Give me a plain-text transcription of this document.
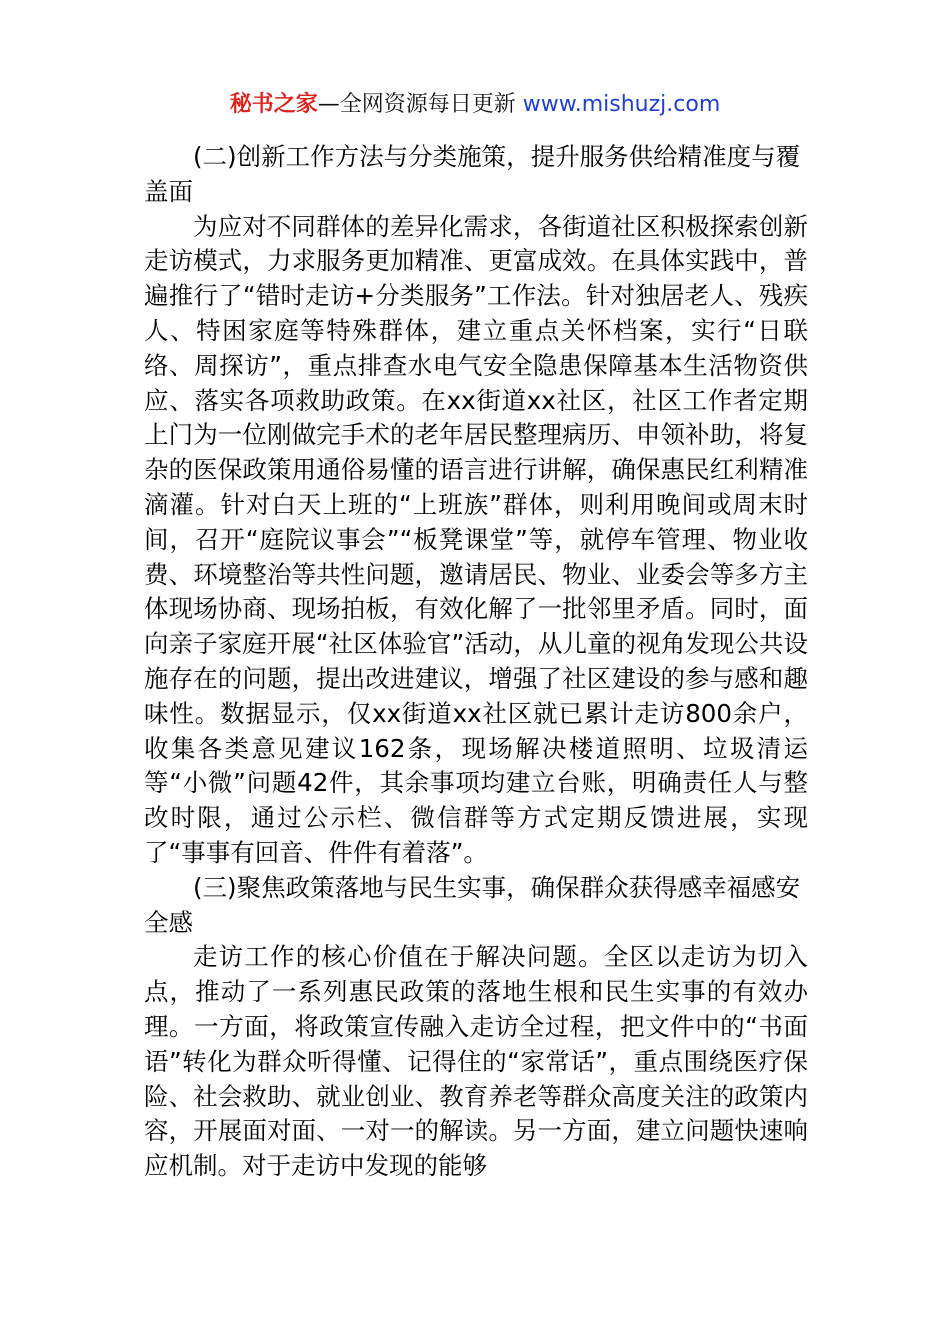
秘书之家—全网资源每日更新 www.mishuzj.com

(二)创新工作方法与分类施策，提升服务供给精准度与覆盖面

为应对不同群体的差异化需求，各街道社区积极探索创新走访模式，力求服务更加精准、更富成效。在具体实践中，普遍推行了“错时走访+分类服务”工作法。针对独居老人、残疾人、特困家庭等特殊群体，建立重点关怀档案，实行“日联络、周探访”，重点排查水电气安全隐患保障基本生活物资供应、落实各项救助政策。在xx街道xx社区，社区工作者定期上门为一位刚做完手术的老年居民整理病历、申领补助，将复杂的医保政策用通俗易懂的语言进行讲解，确保惠民红利精准滴灌。针对白天上班的“上班族”群体，则利用晚间或周末时间，召开“庭院议事会”“板凳课堂”等，就停车管理、物业收费、环境整治等共性问题，邀请居民、物业、业委会等多方主体现场协商、现场拍板，有效化解了一批邻里矛盾。同时，面向亲子家庭开展“社区体验官”活动，从儿童的视角发现公共设施存在的问题，提出改进建议，增强了社区建设的参与感和趣味性。数据显示，仅xx街道xx社区就已累计走访800余户，收集各类意见建议162条，现场解决楼道照明、垃圾清运等“小微”问题42件，其余事项均建立台账，明确责任人与整改时限，通过公示栏、微信群等方式定期反馈进展，实现了“事事有回音、件件有着落”。

(三)聚焦政策落地与民生实事，确保群众获得感幸福感安全感

走访工作的核心价值在于解决问题。全区以走访为切入点，推动了一系列惠民政策的落地生根和民生实事的有效办理。一方面，将政策宣传融入走访全过程，把文件中的“书面语”转化为群众听得懂、记得住的“家常话”，重点围绕医疗保险、社会救助、就业创业、教育养老等群众高度关注的政策内容，开展面对面、一对一的解读。另一方面，建立问题快速响应机制。对于走访中发现的能够
